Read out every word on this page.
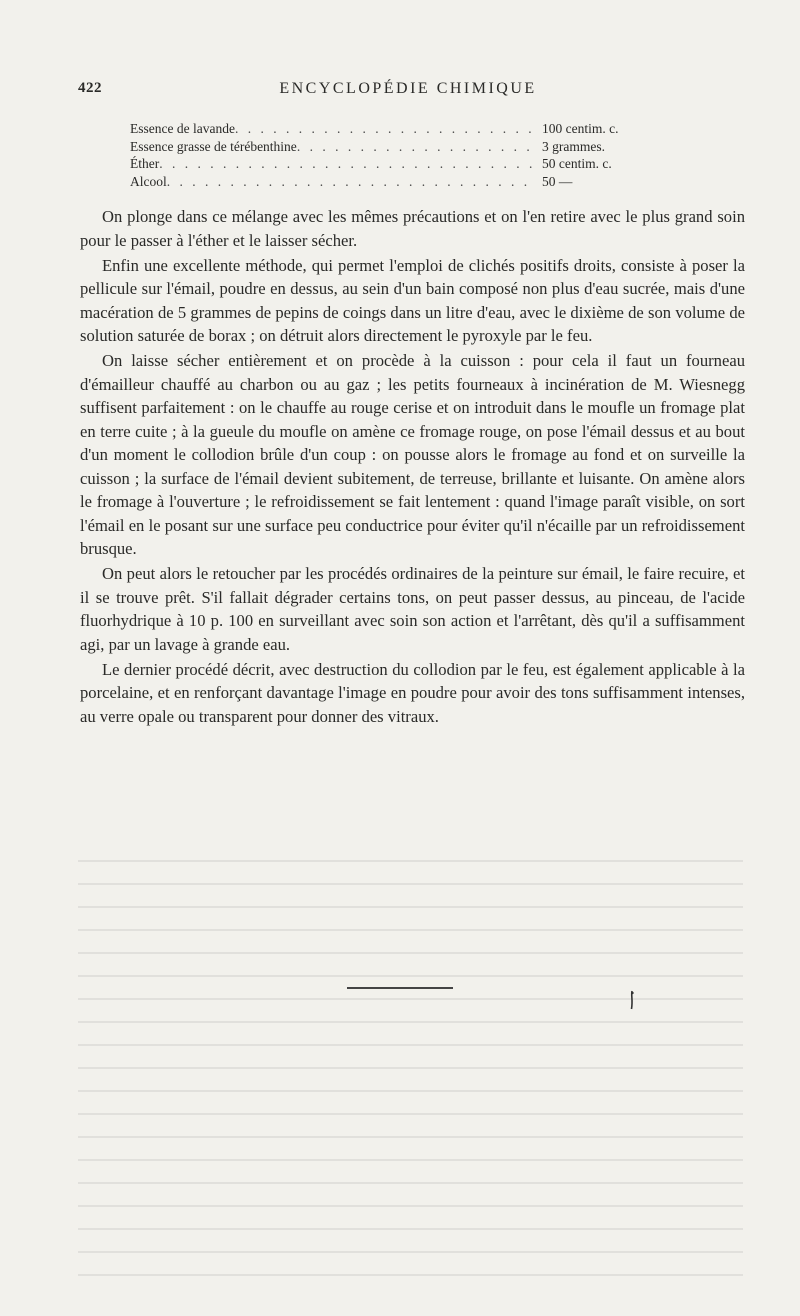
422	ENCYCLOPÉDIE CHIMIQUE
Essence de lavande . . .	100 centim. c.
Essence grasse de térébenthine . . .	3 grammes.
Éther . . .	50 centim. c.
Alcool . . .	50 —

On plonge dans ce mélange avec les mêmes précautions et on l'en retire avec le plus grand soin pour le passer à l'éther et le laisser sécher.

Enfin une excellente méthode, qui permet l'emploi de clichés positifs droits, consiste à poser la pellicule sur l'émail, poudre en dessus, au sein d'un bain composé non plus d'eau sucrée, mais d'une macération de 5 grammes de pepins de coings dans un litre d'eau, avec le dixième de son volume de solution saturée de borax ; on détruit alors directement le pyroxyle par le feu.

On laisse sécher entièrement et on procède à la cuisson : pour cela il faut un fourneau d'émailleur chauffé au charbon ou au gaz ; les petits fourneaux à incinération de M. Wiesnegg suffisent parfaitement : on le chauffe au rouge cerise et on introduit dans le moufle un fromage plat en terre cuite ; à la gueule du moufle on amène ce fromage rouge, on pose l'émail dessus et au bout d'un moment le collodion brûle d'un coup : on pousse alors le fromage au fond et on surveille la cuisson ; la surface de l'émail devient subitement, de terreuse, brillante et luisante. On amène alors le fromage à l'ouverture ; le refroidissement se fait lentement : quand l'image paraît visible, on sort l'émail en le posant sur une surface peu conductrice pour éviter qu'il n'écaille par un refroidissement brusque.

On peut alors le retoucher par les procédés ordinaires de la peinture sur émail, le faire recuire, et il se trouve prêt. S'il fallait dégrader certains tons, on peut passer dessus, au pinceau, de l'acide fluorhydrique à 10 p. 100 en surveillant avec soin son action et l'arrêtant, dès qu'il a suffisamment agi, par un lavage à grande eau.

Le dernier procédé décrit, avec destruction du collodion par le feu, est également applicable à la porcelaine, et en renforçant davantage l'image en poudre pour avoir des tons suffisamment intenses, au verre opale ou transparent pour donner des vitraux.
